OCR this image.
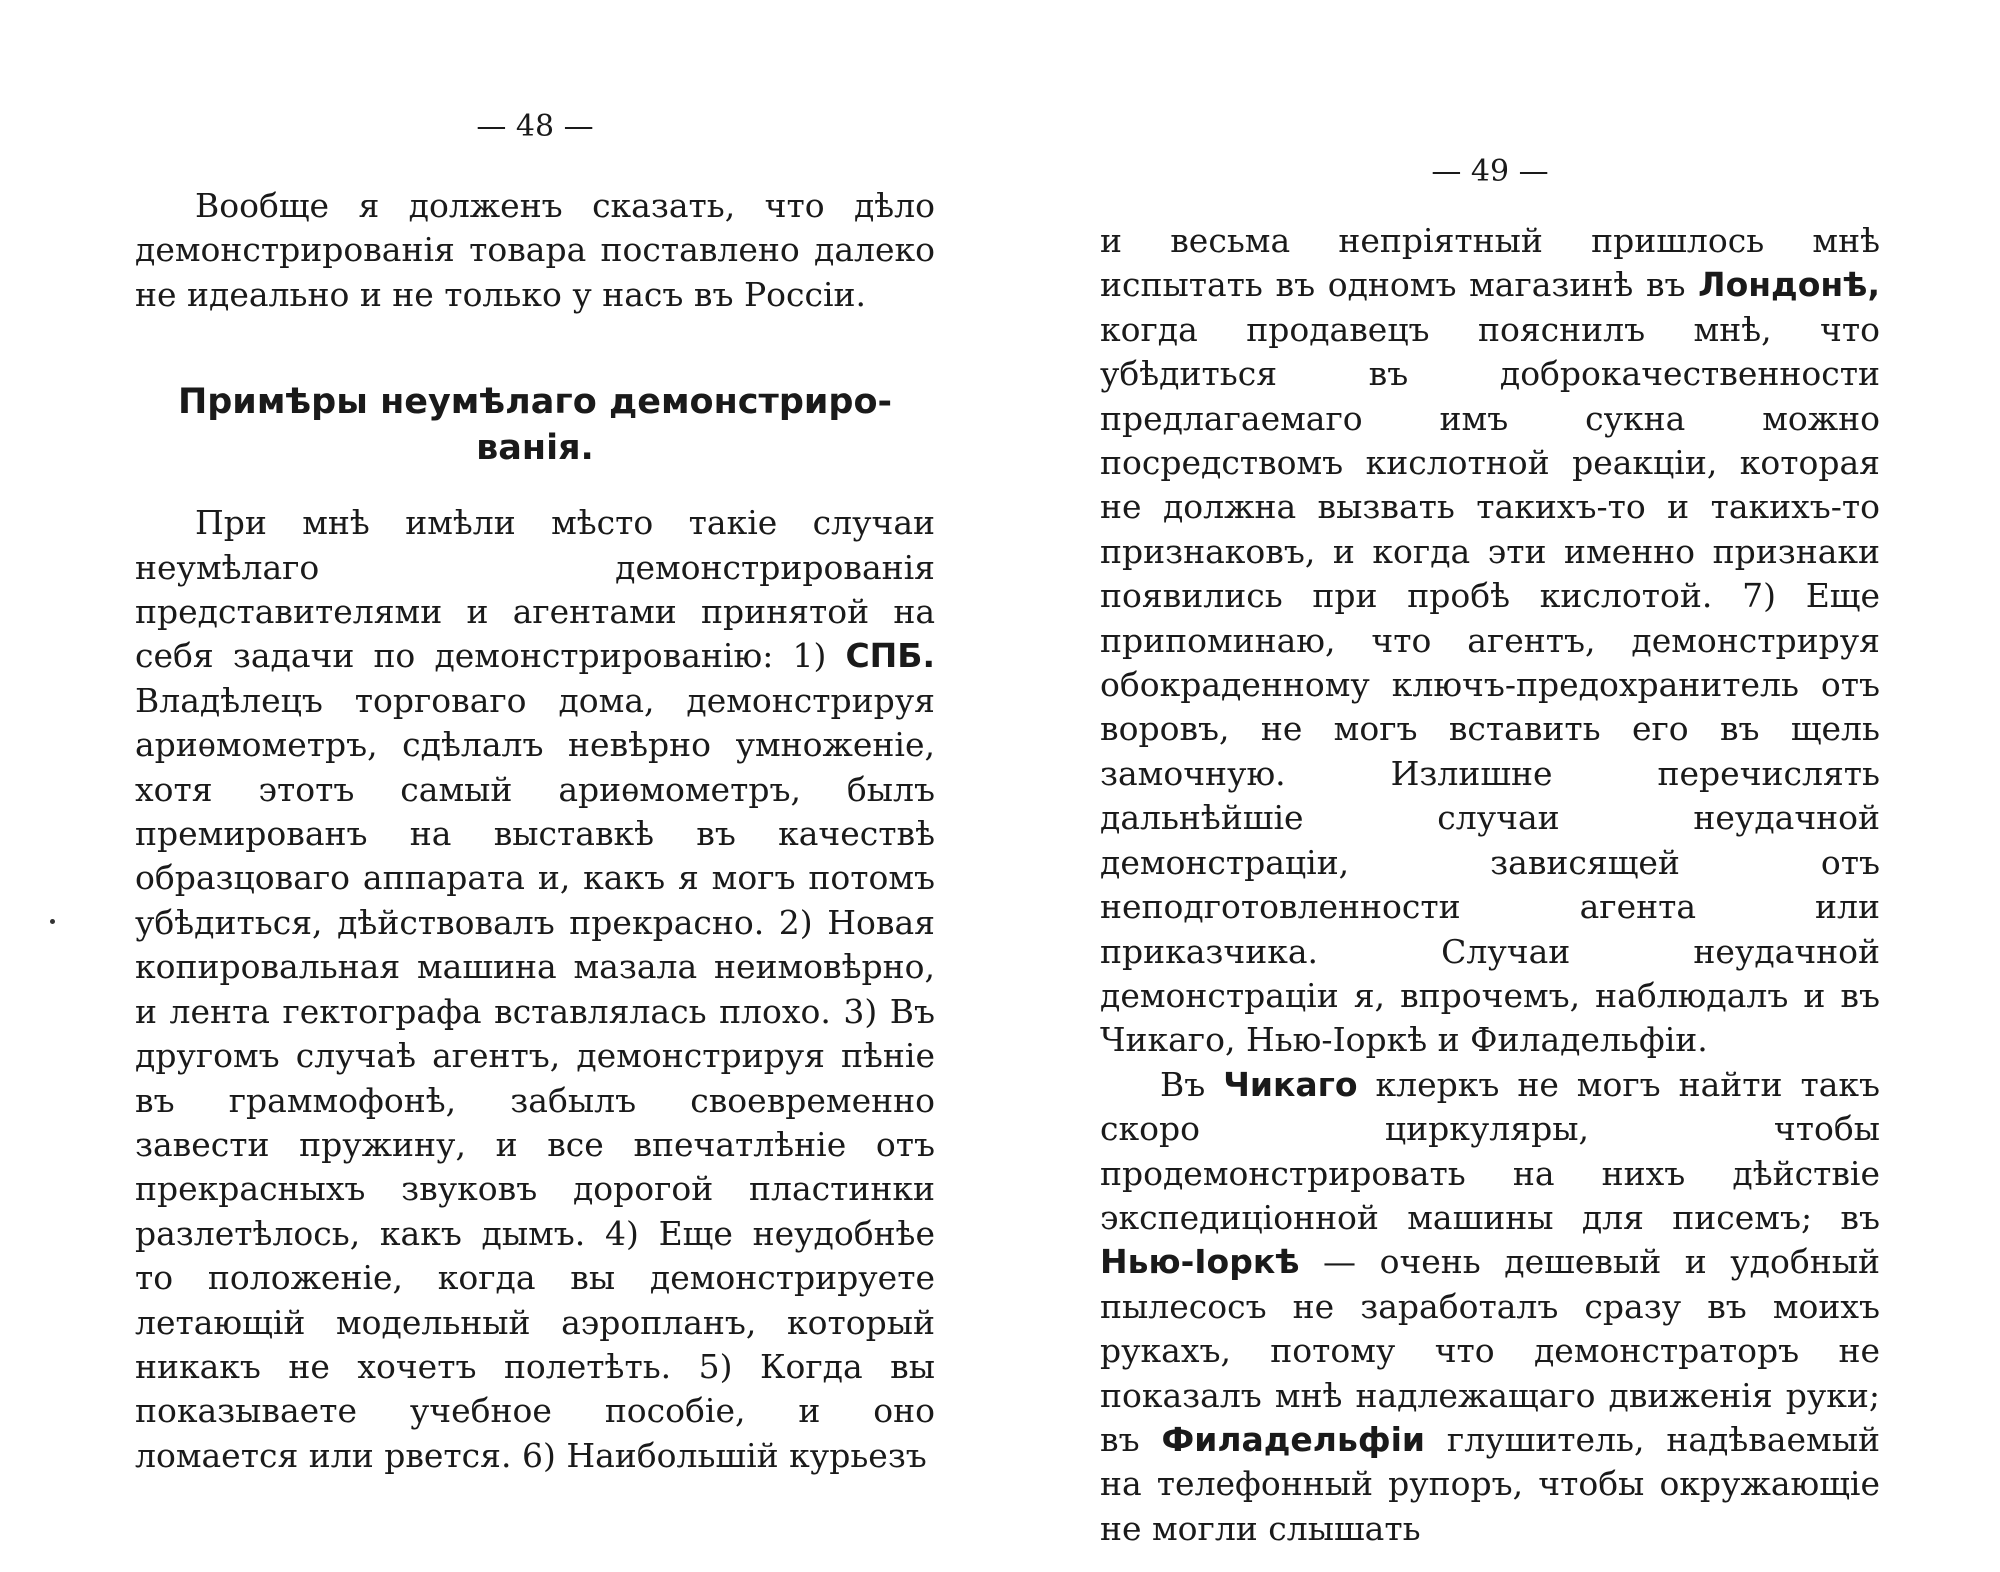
— 48 —

Вообще я долженъ сказать, что дѣло демонстрированія товара поставлено далеко не идеально и не только у насъ въ Россіи.

Примѣры неумѣлаго демонстриро-ванія.

При мнѣ имѣли мѣсто такіе случаи неумѣлаго демонстрированія представителями и агентами принятой на себя задачи по демонстрированію: 1) СПБ. Владѣлецъ торговаго дома, демонстрируя ариѳмометръ, сдѣлалъ невѣрно умноженіе, хотя этотъ самый ариѳмометръ, былъ премированъ на выставкѣ въ качествѣ образцоваго аппарата и, какъ я могъ потомъ убѣдиться, дѣйствовалъ прекрасно. 2) Новая копировальная машина мазала неимовѣрно, и лента гектографа вставлялась плохо. 3) Въ другомъ случаѣ агентъ, демонстрируя пѣніе въ граммофонѣ, забылъ своевременно завести пружину, и все впечатлѣніе отъ прекрасныхъ звуковъ дорогой пластинки разлетѣлось, какъ дымъ. 4) Еще неудобнѣе то положеніе, когда вы демонстрируете летающій модельный аэропланъ, который никакъ не хочетъ полетѣть. 5) Когда вы показываете учебное пособіе, и оно ломается или рвется. 6) Наибольшій курьезъ

— 49 —

и весьма непріятный пришлось мнѣ испытать въ одномъ магазинѣ въ Лондонѣ, когда продавецъ пояснилъ мнѣ, что убѣдиться въ доброкачественности предлагаемаго имъ сукна можно посредствомъ кислотной реакціи, которая не должна вызвать такихъ-то и такихъ-то признаковъ, и когда эти именно признаки появились при пробѣ кислотой. 7) Еще припоминаю, что агентъ, демонстрируя обокраденному ключъ-предохранитель отъ воровъ, не могъ вставить его въ щель замочную. Излишне перечислять дальнѣйшіе случаи неудачной демонстраціи, зависящей отъ неподготовленности агента или приказчика. Случаи неудачной демонстраціи я, впрочемъ, наблюдалъ и въ Чикаго, Нью-Іоркѣ и Филадельфіи.

Въ Чикаго клеркъ не могъ найти такъ скоро циркуляры, чтобы продемонстрировать на нихъ дѣйствіе экспедиціонной машины для писемъ; въ Нью-Іоркѣ — очень дешевый и удобный пылесосъ не заработалъ сразу въ моихъ рукахъ, потому что демонстраторъ не показалъ мнѣ надлежащаго движенія руки; въ Филадельфіи глушитель, надѣваемый на телефонный рупоръ, чтобы окружающіе не могли слышать
